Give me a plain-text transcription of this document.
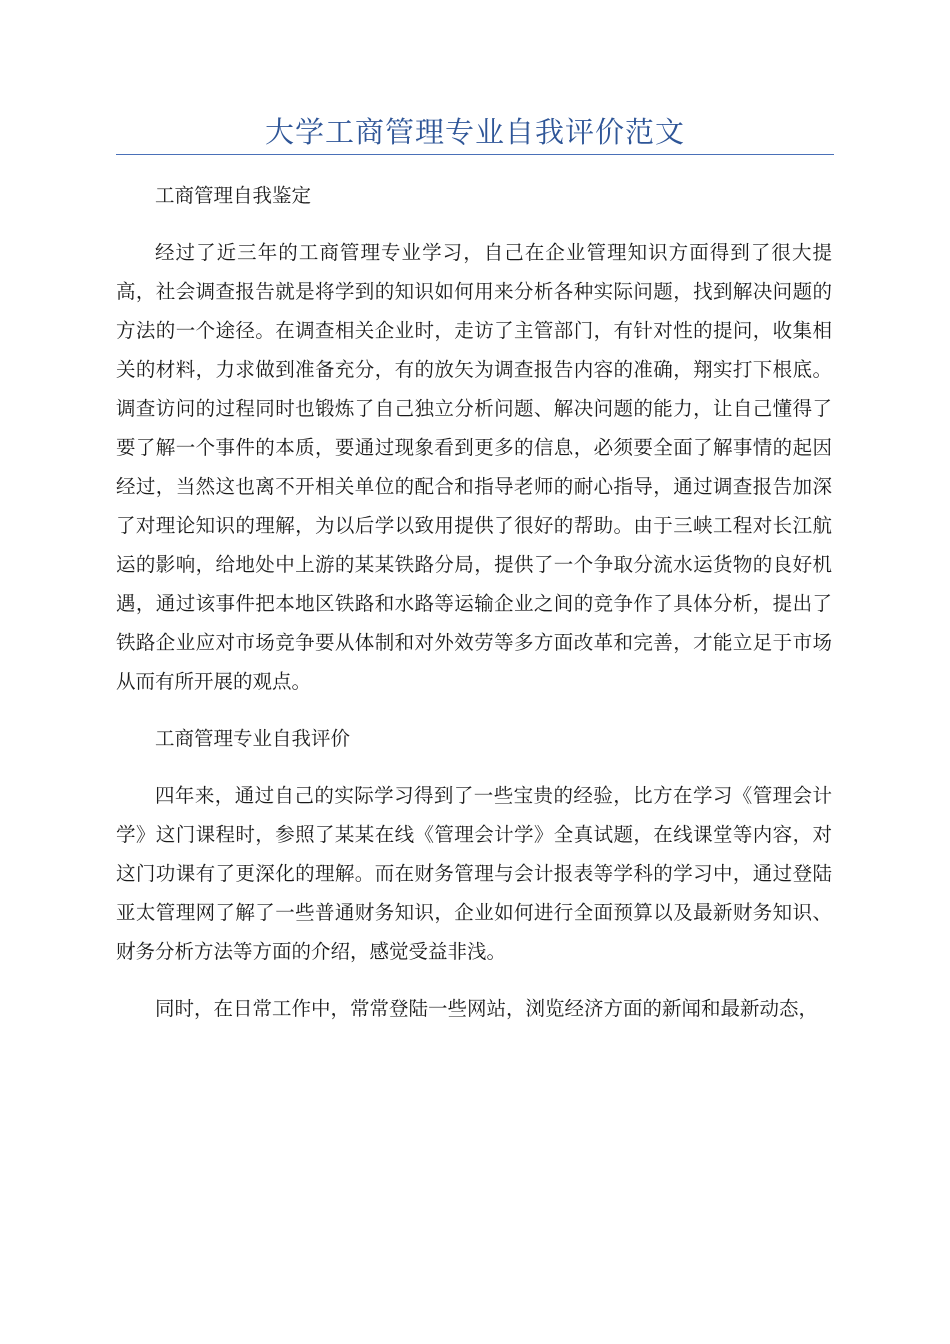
大学工商管理专业自我评价范文

工商管理自我鉴定

经过了近三年的工商管理专业学习，自己在企业管理知识方面得到了很大提高，社会调查报告就是将学到的知识如何用来分析各种实际问题，找到解决问题的方法的一个途径。在调查相关企业时，走访了主管部门，有针对性的提问，收集相关的材料，力求做到准备充分，有的放矢为调查报告内容的准确，翔实打下根底。调查访问的过程同时也锻炼了自己独立分析问题、解决问题的能力，让自己懂得了要了解一个事件的本质，要通过现象看到更多的信息，必须要全面了解事情的起因经过，当然这也离不开相关单位的配合和指导老师的耐心指导，通过调查报告加深了对理论知识的理解，为以后学以致用提供了很好的帮助。由于三峡工程对长江航运的影响，给地处中上游的某某铁路分局，提供了一个争取分流水运货物的良好机遇，通过该事件把本地区铁路和水路等运输企业之间的竞争作了具体分析，提出了铁路企业应对市场竞争要从体制和对外效劳等多方面改革和完善，才能立足于市场从而有所开展的观点。

工商管理专业自我评价

四年来，通过自己的实际学习得到了一些宝贵的经验，比方在学习《管理会计学》这门课程时，参照了某某在线《管理会计学》全真试题，在线课堂等内容，对这门功课有了更深化的理解。而在财务管理与会计报表等学科的学习中，通过登陆亚太管理网了解了一些普通财务知识，企业如何进行全面预算以及最新财务知识、财务分析方法等方面的介绍，感觉受益非浅。

同时，在日常工作中，常常登陆一些网站，浏览经济方面的新闻和最新动态，
